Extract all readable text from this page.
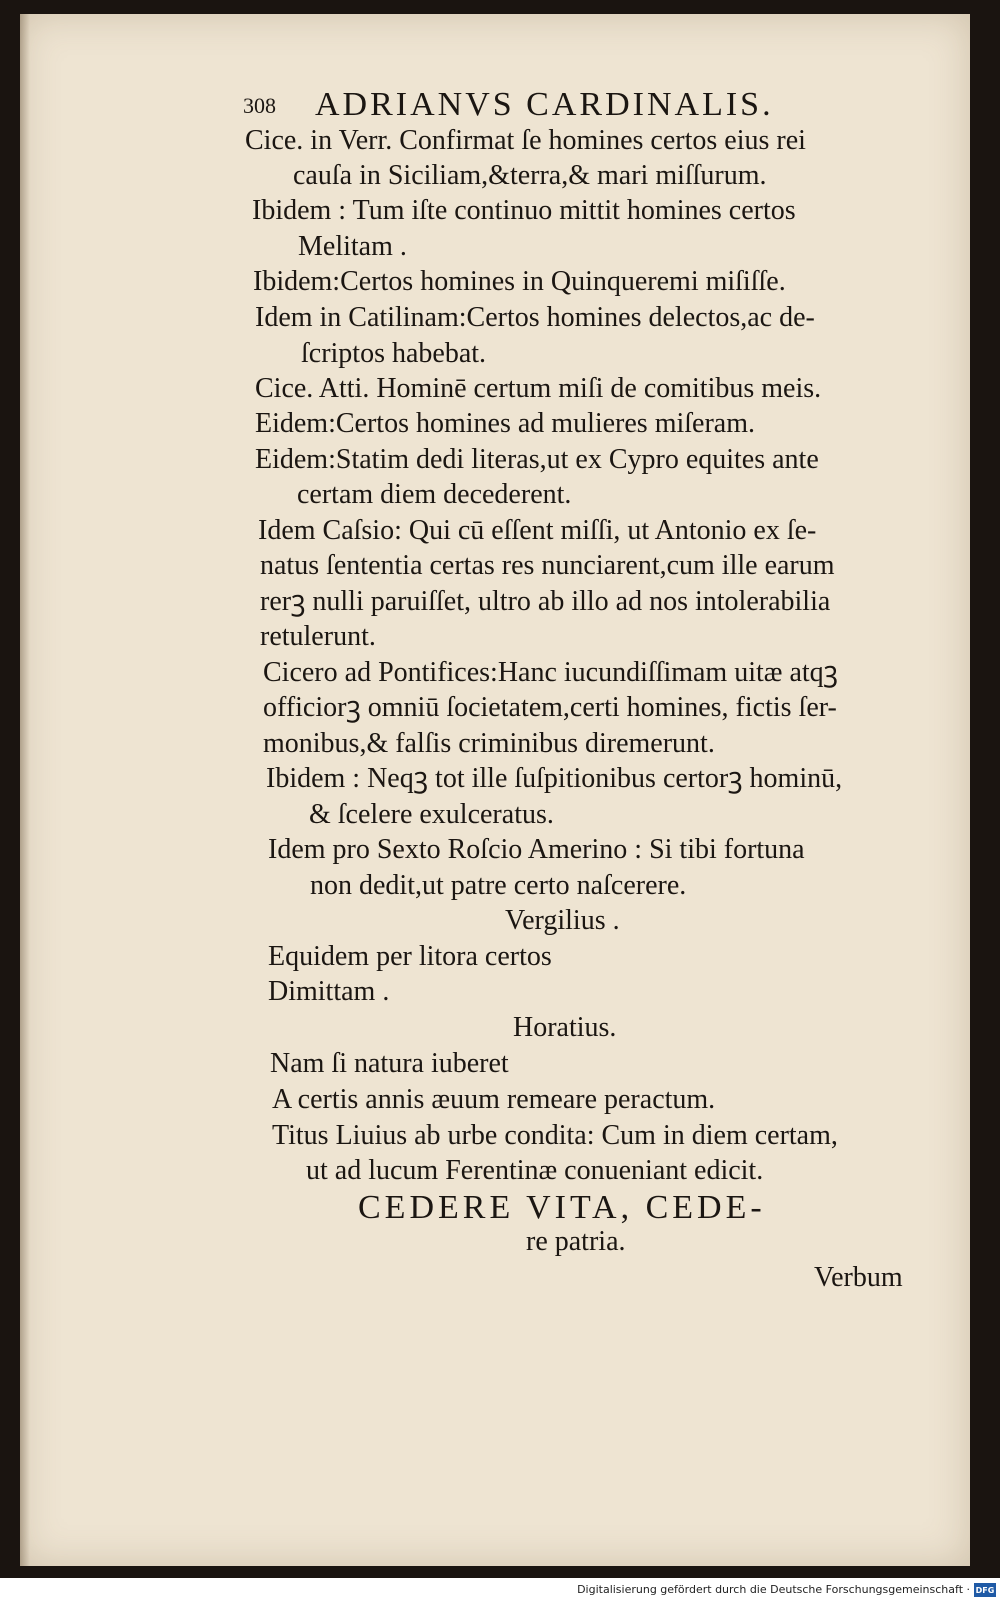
308 ADRIANVS CARDINALIS.
Cice. in Verr. Confirmat ſe homines certos eius rei
cauſa in Siciliam,&terra,& mari miſſurum.
Ibidem : Tum iſte continuo mittit homines certos
Melitam .
Ibidem:Certos homines in Quinqueremi miſiſſe.
Idem in Catilinam:Certos homines delectos,ac de-
ſcriptos habebat.
Cice. Atti. Hominē certum miſi de comitibus meis.
Eidem:Certos homines ad mulieres miſeram.
Eidem:Statim dedi literas,ut ex Cypro equites ante
certam diem decederent.
Idem Caſsio: Qui cū eſſent miſſi, ut Antonio ex ſe-
natus ſententia certas res nunciarent,cum ille earum
rerꝫ nulli paruiſſet, ultro ab illo ad nos intolerabilia
retulerunt.
Cicero ad Pontifices:Hanc iucundiſſimam uitæ atqꝫ
officiorꝫ omniū ſocietatem,certi homines, fictis ſer-
monibus,& falſis criminibus diremerunt.
Ibidem : Neqꝫ tot ille ſuſpitionibus certorꝫ hominū,
& ſcelere exulceratus.
Idem pro Sexto Roſcio Amerino : Si tibi fortuna
non dedit,ut patre certo naſcerere.
Vergilius .
Equidem per litora certos
Dimittam .
Horatius.
Nam ſi natura iuberet
A certis annis æuum remeare peractum.
Titus Liuius ab urbe condita: Cum in diem certam,
ut ad lucum Ferentinæ conueniant edicit.
CEDERE VITA, CEDE-
re patria.
Verbum
Digitalisierung gefördert durch die Deutsche Forschungsgemeinschaft · DFG
